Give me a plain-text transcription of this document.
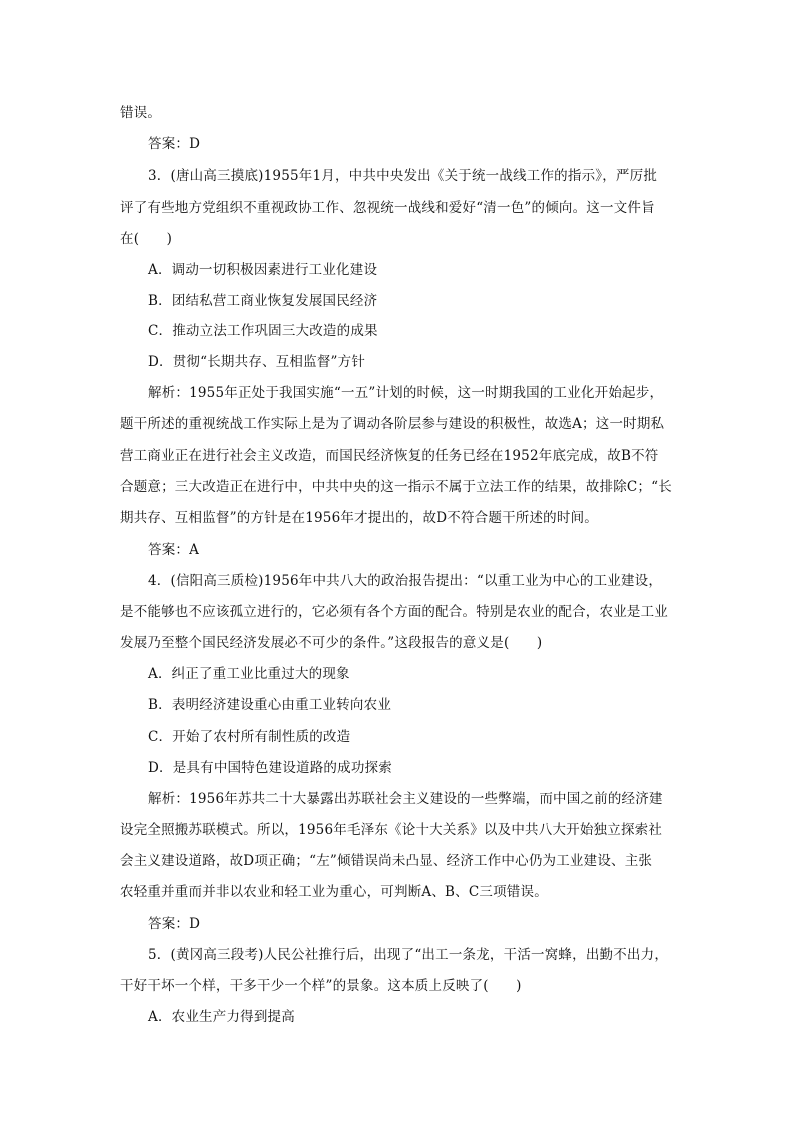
错误。
答案：D
3．(唐山高三摸底)1955年1月，中共中央发出《关于统一战线工作的指示》，严厉批
评了有些地方党组织不重视政协工作、忽视统一战线和爱好“清一色”的倾向。这一文件旨
在(　　)
A．调动一切积极因素进行工业化建设
B．团结私营工商业恢复发展国民经济
C．推动立法工作巩固三大改造的成果
D．贯彻“长期共存、互相监督”方针
解析：1955年正处于我国实施“一五”计划的时候，这一时期我国的工业化开始起步，
题干所述的重视统战工作实际上是为了调动各阶层参与建设的积极性，故选A；这一时期私
营工商业正在进行社会主义改造，而国民经济恢复的任务已经在1952年底完成，故B不符
合题意；三大改造正在进行中，中共中央的这一指示不属于立法工作的结果，故排除C；“长
期共存、互相监督”的方针是在1956年才提出的，故D不符合题干所述的时间。
答案：A
4．(信阳高三质检)1956年中共八大的政治报告提出：“以重工业为中心的工业建设，
是不能够也不应该孤立进行的，它必须有各个方面的配合。特别是农业的配合，农业是工业
发展乃至整个国民经济发展必不可少的条件。”这段报告的意义是(　　)
A．纠正了重工业比重过大的现象
B．表明经济建设重心由重工业转向农业
C．开始了农村所有制性质的改造
D．是具有中国特色建设道路的成功探索
解析：1956年苏共二十大暴露出苏联社会主义建设的一些弊端，而中国之前的经济建
设完全照搬苏联模式。所以，1956年毛泽东《论十大关系》以及中共八大开始独立探索社
会主义建设道路，故D项正确；“左”倾错误尚未凸显、经济工作中心仍为工业建设、主张
农轻重并重而并非以农业和轻工业为重心，可判断A、B、C三项错误。
答案：D
5．(黄冈高三段考)人民公社推行后，出现了“出工一条龙，干活一窝蜂，出勤不出力，
干好干坏一个样，干多干少一个样”的景象。这本质上反映了(　　)
A．农业生产力得到提高
